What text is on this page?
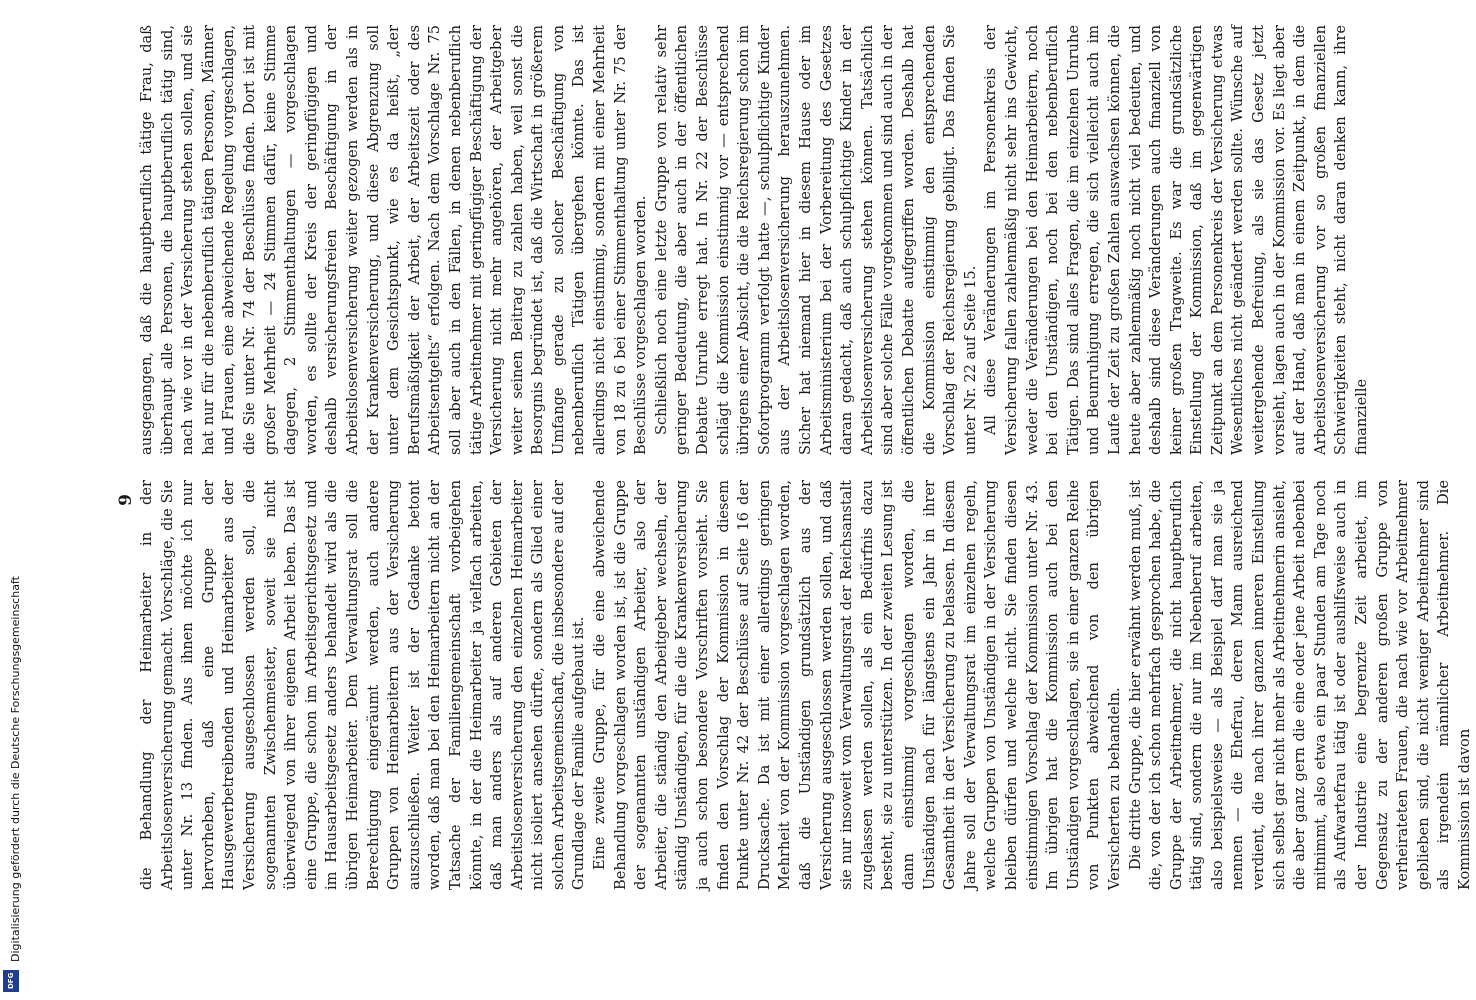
9 die Behandlung der Heimarbeiter in der Arbeitslosenversicherung gemacht. Vorschläge, die Sie unter Nr. 13 finden. Aus ihnen möchte ich nur hervorheben, daß eine Gruppe der Hausgewerbetreibenden und Heimarbeiter aus der Versicherung ausgeschlossen werden soll, die sogenannten Zwischenmeister, soweit sie nicht überwiegend von ihrer eigenen Arbeit leben. Das ist eine Gruppe, die schon im Arbeitsgerichtsgesetz und im Hausarbeitsgesetz anders behandelt wird als die übrigen Heimarbeiter. Dem Verwaltungsrat soll die Berechtigung eingeräumt werden, auch andere Gruppen von Heimarbeitern aus der Versicherung auszuschließen. Weiter ist der Gedanke betont worden, daß man bei den Heimarbeitern nicht an der Tatsache der Familiengemeinschaft vorbeigehen könnte, in der die Heimarbeiter ja vielfach arbeiten, daß man anders als auf anderen Gebieten der Arbeitslosenversicherung den einzelnen Heimarbeiter nicht isoliert ansehen dürfte, sondern als Glied einer solchen Arbeitsgemeinschaft, die insbesondere auf der Grundlage der Familie aufgebaut ist. Eine zweite Gruppe, für die eine abweichende Behandlung vorgeschlagen worden ist, ist die Gruppe der sogenannten unständigen Arbeiter, also der Arbeiter, die ständig den Arbeitgeber wechseln, der ständig Unständigen, für die die Krankenversicherung ja auch schon besondere Vorschriften vorsieht. Sie finden den Vorschlag der Kommission in diesem Punkte unter Nr. 42 der Beschlüsse auf Seite 16 der Drucksache. Da ist mit einer allerdings geringen Mehrheit von der Kommission vorgeschlagen worden, daß die Unständigen grundsätzlich aus der Versicherung ausgeschlossen werden sollen, und daß sie nur insoweit vom Verwaltungsrat der Reichsanstalt zugelassen werden sollen, als ein Bedürfnis dazu besteht, sie zu unterstützen. In der zweiten Lesung ist dann einstimmig vorgeschlagen worden, die Unständigen nach für längstens ein Jahr in ihrer Gesamtheit in der Versicherung zu belassen. In diesem Jahre soll der Verwaltungsrat im einzelnen regeln, welche Gruppen von Unständigen in der Versicherung bleiben dürfen und welche nicht. Sie finden diesen einstimmigen Vorschlag der Kommission unter Nr. 43. Im übrigen hat die Kommission auch bei den Unständigen vorgeschlagen, sie in einer ganzen Reihe von Punkten abweichend von den übrigen Versicherten zu behandeln. Die dritte Gruppe, die hier erwähnt werden muß, ist die, von der ich schon mehrfach gesprochen habe, die Gruppe der Arbeitnehmer, die nicht hauptberuflich tätig sind, sondern die nur im Nebenberuf arbeiten, also beispielsweise — als Beispiel darf man sie ja nennen — die Ehefrau, deren Mann ausreichend verdient, die nach ihrer ganzen inneren Einstellung sich selbst gar nicht mehr als Arbeitnehmerin ansieht, die aber ganz gern die eine oder jene Arbeit nebenbei mitnimmt, also etwa ein paar Stunden am Tage noch als Aufwartefrau tätig ist oder aushilfsweise auch in der Industrie eine begrenzte Zeit arbeitet, im Gegensatz zu der anderen großen Gruppe von verheirateten Frauen, die nach wie vor Arbeitnehmer geblieben sind, die nicht weniger Arbeitnehmer sind als irgendein männlicher Arbeitnehmer. Die Kommission ist davon

ausgegangen, daß die hauptberuflich tätige Frau, daß überhaupt alle Personen, die hauptberuflich tätig sind, nach wie vor in der Versicherung stehen sollen, und sie hat nur für die nebenberuflich tätigen Personen, Männer und Frauen, eine abweichende Regelung vorgeschlagen, die Sie unter Nr. 74 der Beschlüsse finden. Dort ist mit großer Mehrheit — 24 Stimmen dafür, keine Stimme dagegen, 2 Stimmenthaltungen — vorgeschlagen worden, es sollte der Kreis der geringfügigen und deshalb versicherungsfreien Beschäftigung in der Arbeitslosenversicherung weiter gezogen werden als in der Krankenversicherung, und diese Abgrenzung soll unter dem Gesichtspunkt, wie es da heißt, „der Berufsmäßigkeit der Arbeit, der Arbeitszeit oder des Arbeitsentgelts“ erfolgen. Nach dem Vorschlage Nr. 75 soll aber auch in den Fällen, in denen nebenberuflich tätige Arbeitnehmer mit geringfügiger Beschäftigung der Versicherung nicht mehr angehören, der Arbeitgeber weiter seinen Beitrag zu zahlen haben, weil sonst die Besorgnis begründet ist, daß die Wirtschaft in größerem Umfange gerade zu solcher Beschäftigung von nebenberuflich Tätigen übergehen könnte. Das ist allerdings nicht einstimmig, sondern mit einer Mehrheit von 18 zu 6 bei einer Stimmenthaltung unter Nr. 75 der Beschlüsse vorgeschlagen worden. Schließlich noch eine letzte Gruppe von relativ sehr geringer Bedeutung, die aber auch in der öffentlichen Debatte Unruhe erregt hat. In Nr. 22 der Beschlüsse schlägt die Kommission einstimmig vor — entsprechend übrigens einer Absicht, die die Reichsregierung schon im Sofortprogramm verfolgt hatte —, schulpflichtige Kinder aus der Arbeitslosenversicherung herauszunehmen. Sicher hat niemand hier in diesem Hause oder im Arbeitsministerium bei der Vorbereitung des Gesetzes daran gedacht, daß auch schulpflichtige Kinder in der Arbeitslosenversicherung stehen können. Tatsächlich sind aber solche Fälle vorgekommen und sind auch in der öffentlichen Debatte aufgegriffen worden. Deshalb hat die Kommission einstimmig den entsprechenden Vorschlag der Reichsregierung gebilligt. Das finden Sie unter Nr. 22 auf Seite 15. All diese Veränderungen im Personenkreis der Versicherung fallen zahlenmäßig nicht sehr ins Gewicht, weder die Veränderungen bei den Heimarbeitern, noch bei den Unständigen, noch bei den nebenberuflich Tätigen. Das sind alles Fragen, die im einzelnen Unruhe und Beunruhigung erregen, die sich vielleicht auch im Laufe der Zeit zu großen Zahlen auswachsen können, die heute aber zahlenmäßig noch nicht viel bedeuten, und deshalb sind diese Veränderungen auch finanziell von keiner großen Tragweite. Es war die grundsätzliche Einstellung der Kommission, daß im gegenwärtigen Zeitpunkt an dem Personenkreis der Versicherung etwas Wesentliches nicht geändert werden sollte. Wünsche auf weitergehende Befreiung, als sie das Gesetz jetzt vorsieht, lagen auch in der Kommission vor. Es liegt aber auf der Hand, daß man in einem Zeitpunkt, in dem die Arbeitslosenversicherung vor so großen finanziellen Schwierigkeiten steht, nicht daran denken kann, ihre finanzielle

Digitalisierung gefördert durch die Deutsche Forschungsgemeinschaft
DFG
